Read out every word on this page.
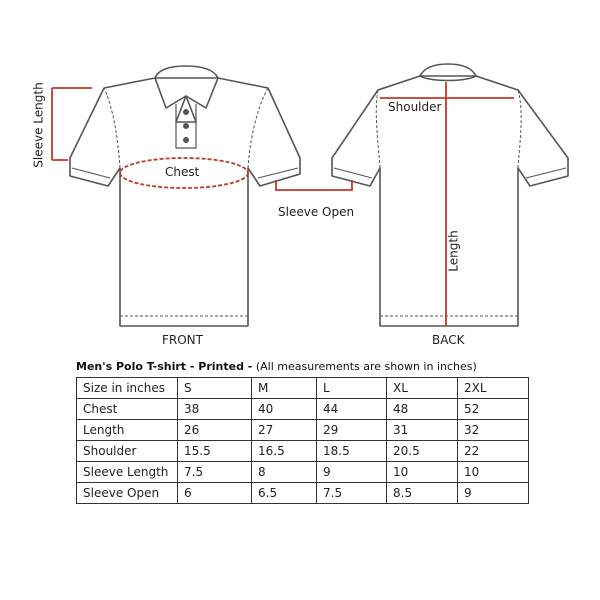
Sleeve Length
Chest
Sleeve Open
Shoulder
Length
FRONT	BACK
Men's Polo T-shirt - Printed - (All measurements are shown in inches)
Size in inches	S	M	L	XL	2XL
Chest	38	40	44	48	52
Length	26	27	29	31	32
Shoulder	15.5	16.5	18.5	20.5	22
Sleeve Length	7.5	8	9	10	10
Sleeve Open	6	6.5	7.5	8.5	9
